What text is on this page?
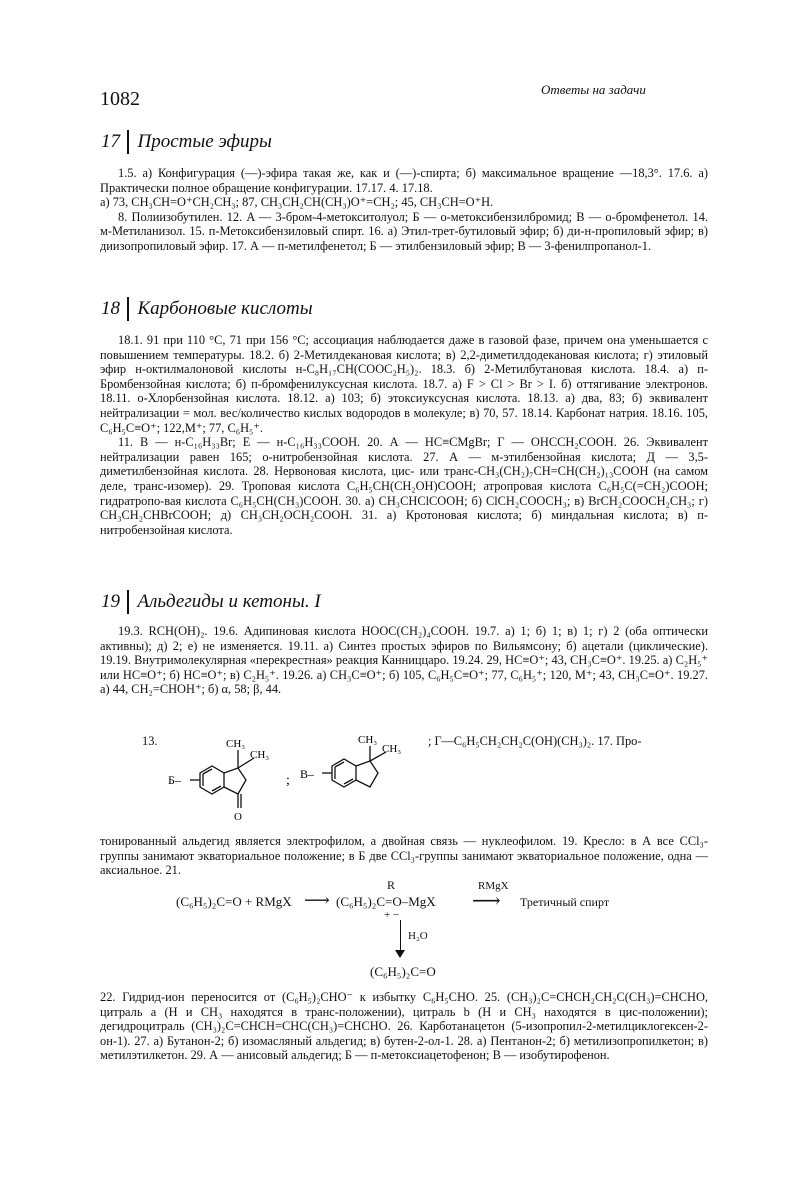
1082	Ответы на задачи
17 Простые эфиры

1.5. а) Конфигурация (—)-эфира такая же, как и (—)-спирта; б) максимальное вращение —18,3°. 17.6. а) Практически полное обращение конфигурации. 17.17. 4. 17.18.

а) 73, CH₃CH=O⁺CH₂CH₃; 87, CH₃CH₂CH(CH₃)O⁺=CH₂; 45, CH₃CH=O⁺H.

8. Полиизобутилен. 12. A — 3-бром-4-метокситолуол; Б — о-метоксибензилбромид; В — о-бромфенетол. 14. м-Метиланизол. 15. п-Метоксибензиловый спирт. 16. а) Этил-трет-бутиловый эфир; б) ди-н-пропиловый эфир; в) диизопропиловый эфир. 17. А — п-метилфенетол; Б — этилбензиловый эфир; В — 3-фенилпропанол-1.

18 Карбоновые кислоты

18.1. 91 при 110 °С, 71 при 156 °С; ассоциация наблюдается даже в газовой фазе, причем она уменьшается с повышением температуры. 18.2. б) 2-Метилдекановая кислота; в) 2,2-диметилдодекановая кислота; г) этиловый эфир н-октилмалоновой кислоты н-C₈H₁₇CH(COOC₂H₅)₂. 18.3. б) 2-Метилбутановая кислота. 18.4. а) п-Бромбензойная кислота; б) п-бромфенилуксусная кислота. 18.7. а) F > Cl > Br > I. б) оттягивание электронов. 18.11. о-Хлорбензойная кислота. 18.12. а) 103; б) этоксиуксусная кислота. 18.13. а) два, 83; б) эквивалент нейтрализации = мол. вес/количество кислых водородов в молекуле; в) 70, 57. 18.14. Карбонат натрия. 18.16. 105, C₆H₅C≡O⁺; 122,M⁺; 77, C₆H₅⁺.

11. В — н-C₁₆H₃₃Br; Е — н-C₁₆H₃₃COOH. 20. А — HC≡CMgBr; Г — OHCCH₂COOH. 26. Эквивалент нейтрализации равен 165; о-нитробензойная кислота. 27. А — м-этилбензойная кислота; Д — 3,5-диметилбензойная кислота. 28. Нервоновая кислота, цис- или транс-CH₃(CH₂)₇CH=CH(CH₂)₁₃COOH (на самом деле, транс-изомер). 29. Троповая кислота C₆H₅CH(CH₂OH)COOH; атропровая кислота C₆H₅C(=CH₂)COOH; гидратропо-вая кислота C₆H₅CH(CH₃)COOH. 30. а) CH₃CHClCOOH; б) ClCH₂COOCH₃; в) BrCH₂COOCH₂CH₃; г) CH₃CH₂CHBrCOOH; д) CH₃CH₂OCH₂COOH. 31. а) Кротоновая кислота; б) миндальная кислота; в) п-нитробензойная кислота.

19 Альдегиды и кетоны. I

19.3. RCH(OH)₂. 19.6. Адипиновая кислота HOOC(CH₂)₄COOH. 19.7. а) 1; б) 1; в) 1; г) 2 (оба оптически активны); д) 2; е) не изменяется. 19.11. а) Синтез простых эфиров по Вильямсону; б) ацетали (циклические). 19.19. Внутримолекулярная «перекрестная» реакция Канниццаро. 19.24. 29, HC≡O⁺; 43, CH₃C≡O⁺. 19.25. а) C₂H₅⁺ или HC≡O⁺; б) HC≡O⁺; в) C₂H₅⁺. 19.26. а) CH₃C≡O⁺; б) 105, C₆H₅C≡O⁺; 77, C₆H₅⁺; 120, M⁺; 43, CH₃C≡O⁺. 19.27. а) 44, CH₂=CHOH⁺; б) α, 58; β, 44.

13.
Б–
CH₃
CH₃
O
; В–
CH₃
CH₃
; Г—C₆H₅CH₂CH₂C(OH)(CH₃)₂. 17. Про-

тонированный альдегид является электрофилом, а двойная связь — нуклеофилом. 19. Кресло: в А все CCl₃-группы занимают экваториальное положение; в Б две CCl₃-группы занимают экваториальное положение, одна — аксиальное. 21.

R	RMgX
(C₆H₅)₂C=O + RMgX ⟶ (C₆H₅)₂C=O–MgX
+ −
⟶ Третичный спирт
H₂O
(C₆H₅)₂C=O

22. Гидрид-ион переносится от (C₆H₅)₂CHO⁻ к избытку C₆H₅CHO. 25. (CH₃)₂C=CHCH₂CH₂C(CH₃)=CHCHO, цитраль а (H и CH₃ находятся в транс-положении), цитраль b (H и CH₃ находятся в цис-положении); дегидроцитраль (CH₃)₂C=CHCH=CHC(CH₃)=CHCHO. 26. Карботанацетон (5-изопропил-2-метилциклогексен-2-он-1). 27. а) Бутанон-2; б) изомасляный альдегид; в) бутен-2-ол-1. 28. а) Пентанон-2; б) метилизопропилкетон; в) метилэтилкетон. 29. А — анисовый альдегид; Б — п-метоксиацетофенон; В — изобутирофенон.
